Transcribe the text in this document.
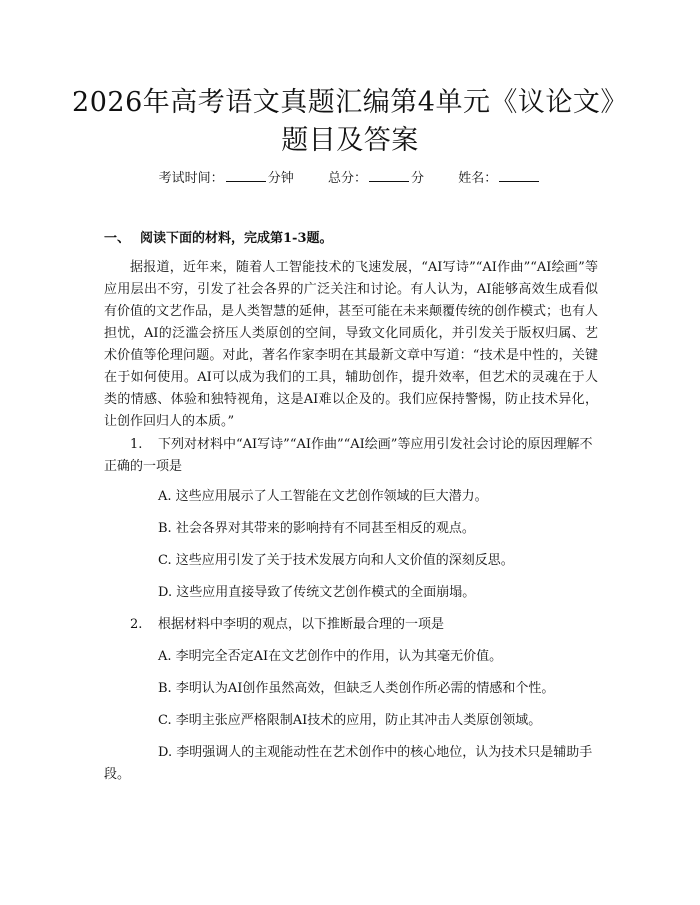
2026年高考语文真题汇编第4单元《议论文》题目及答案
考试时间：	分钟	总分：	分	姓名：
一、 阅读下面的材料，完成第1-3题。

据报道，近年来，随着人工智能技术的飞速发展，“AI写诗”“AI作曲”“AI绘画”等应用层出不穷，引发了社会各界的广泛关注和讨论。有人认为，AI能够高效生成看似有价值的文艺作品，是人类智慧的延伸，甚至可能在未来颠覆传统的创作模式；也有人担忧，AI的泛滥会挤压人类原创的空间，导致文化同质化，并引发关于版权归属、艺术价值等伦理问题。对此，著名作家李明在其最新文章中写道：“技术是中性的，关键在于如何使用。AI可以成为我们的工具，辅助创作，提升效率，但艺术的灵魂在于人类的情感、体验和独特视角，这是AI难以企及的。我们应保持警惕，防止技术异化，让创作回归人的本质。”

1. 下列对材料中“AI写诗”“AI作曲”“AI绘画”等应用引发社会讨论的原因理解不正确的一项是

A. 这些应用展示了人工智能在文艺创作领域的巨大潜力。

B. 社会各界对其带来的影响持有不同甚至相反的观点。

C. 这些应用引发了关于技术发展方向和人文价值的深刻反思。

D. 这些应用直接导致了传统文艺创作模式的全面崩塌。

2. 根据材料中李明的观点，以下推断最合理的一项是

A. 李明完全否定AI在文艺创作中的作用，认为其毫无价值。

B. 李明认为AI创作虽然高效，但缺乏人类创作所必需的情感和个性。

C. 李明主张应严格限制AI技术的应用，防止其冲击人类原创领域。

D. 李明强调人的主观能动性在艺术创作中的核心地位，认为技术只是辅助手段。
